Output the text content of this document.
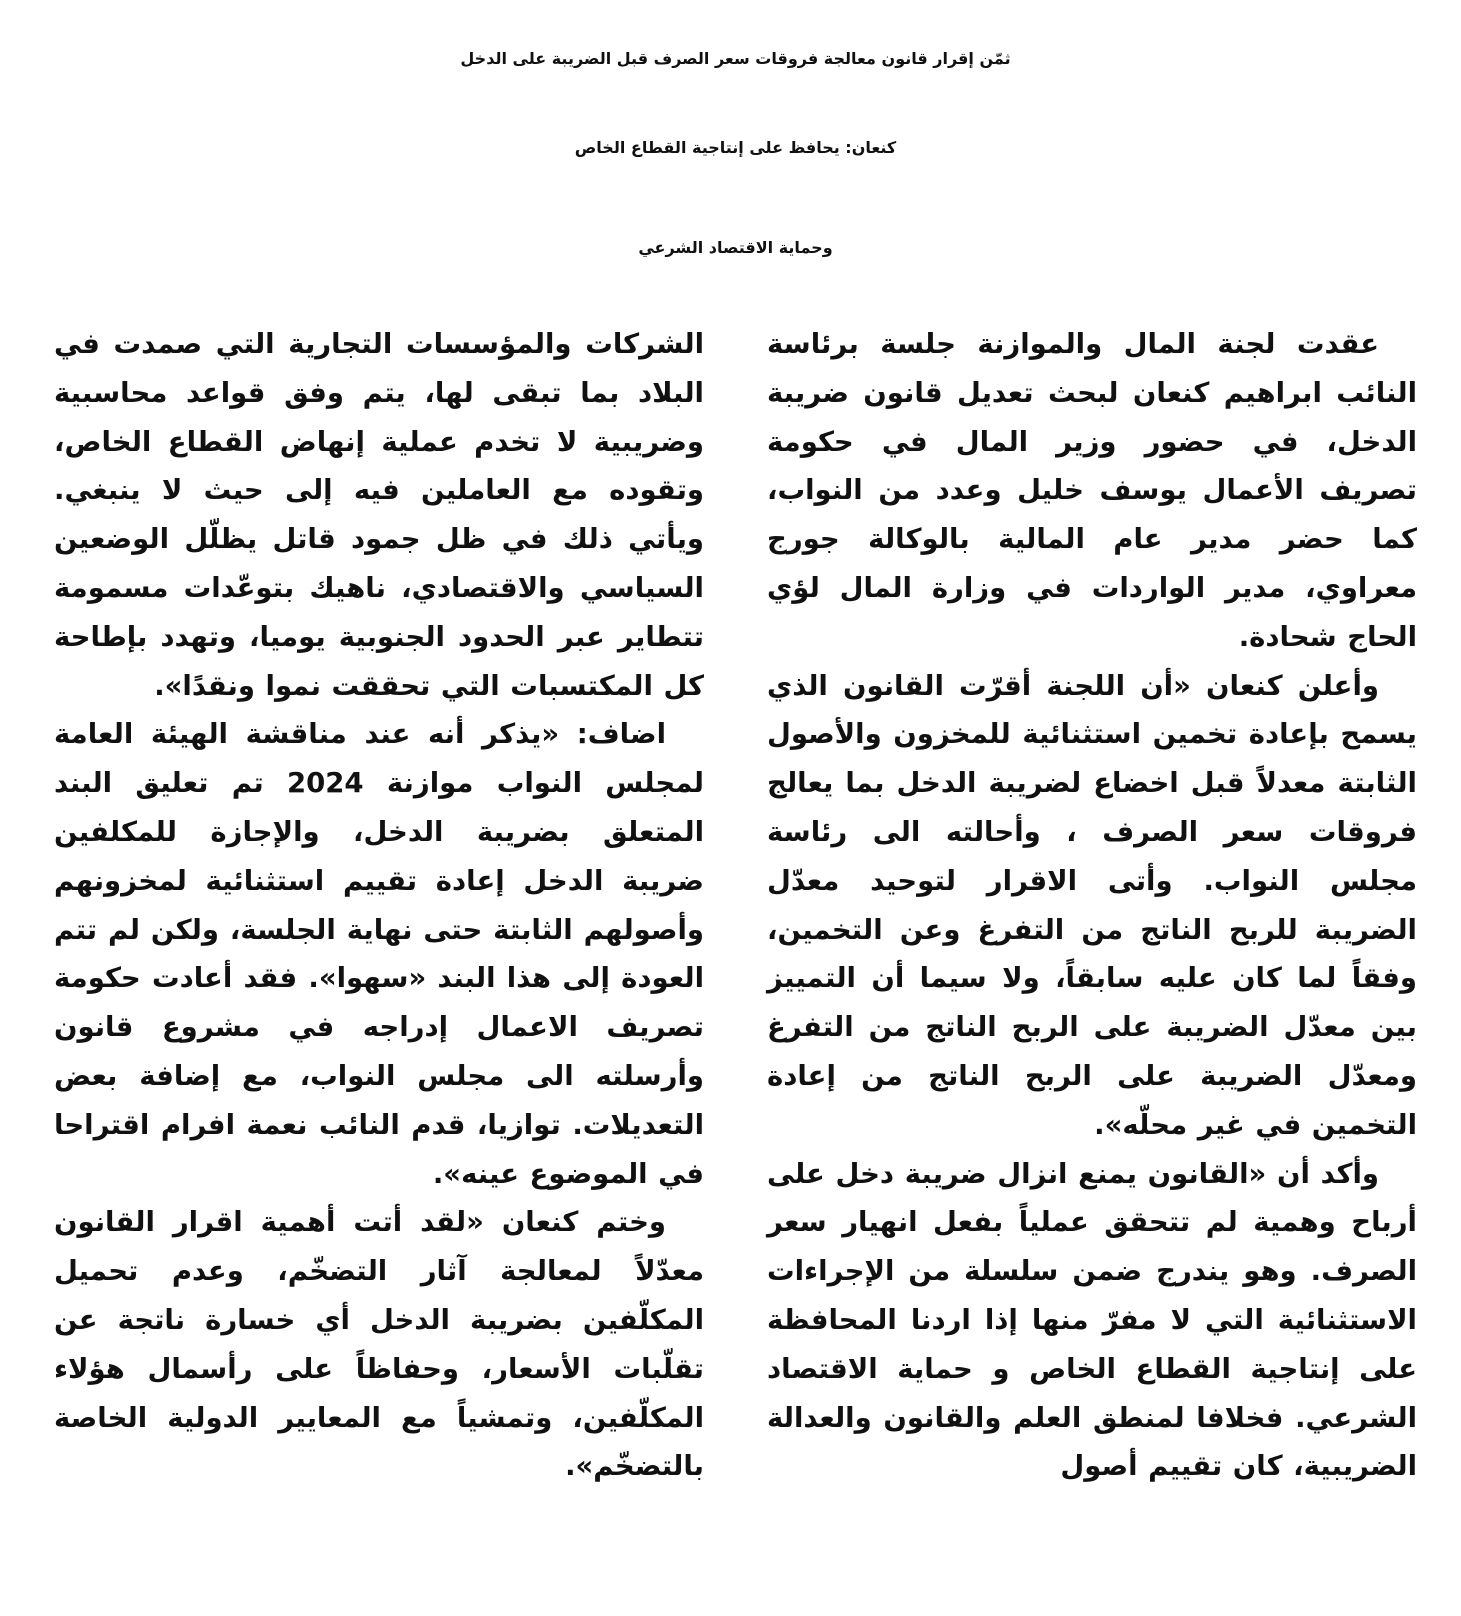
ثمّن إقرار قانون معالجة فروقات سعر الصرف قبل الضريبة على الدخل
كنعان: يحافظ على إنتاجية القطاع الخاص
وحماية الاقتصاد الشرعي

عقدت لجنة المال والموازنة جلسة برئاسة النائب ابراهيم كنعان لبحث تعديل قانون ضريبة الدخل، في حضور وزير المال في حكومة تصريف الأعمال يوسف خليل وعدد من النواب، كما حضر مدير عام المالية بالوكالة جورج معراوي، مدير الواردات في وزارة المال لؤي الحاج شحادة.

وأعلن كنعان «أن اللجنة أقرّت القانون الذي يسمح بإعادة تخمين استثنائية للمخزون والأصول الثابتة معدلاً قبل اخضاع لضريبة الدخل بما يعالج فروقات سعر الصرف ، وأحالته الى رئاسة مجلس النواب. وأتى الاقرار لتوحيد معدّل الضريبة للربح الناتج من التفرغ وعن التخمين، وفقاً لما كان عليه سابقاً، ولا سيما أن التمييز بين معدّل الضريبة على الربح الناتج من التفرغ ومعدّل الضريبة على الربح الناتج من إعادة التخمين في غير محلّه».

وأكد أن «القانون يمنع انزال ضريبة دخل على أرباح وهمية لم تتحقق عملياً بفعل انهيار سعر الصرف. وهو يندرج ضمن سلسلة من الإجراءات الاستثنائية التي لا مفرّ منها إذا اردنا المحافظة على إنتاجية القطاع الخاص و حماية الاقتصاد الشرعي. فخلافا لمنطق العلم والقانون والعدالة الضريبية، كان تقييم أصول

الشركات والمؤسسات التجارية التي صمدت في البلاد بما تبقى لها، يتم وفق قواعد محاسبية وضريبية لا تخدم عملية إنهاض القطاع الخاص، وتقوده مع العاملين فيه إلى حيث لا ينبغي. ويأتي ذلك في ظل جمود قاتل يظلّل الوضعين السياسي والاقتصادي، ناهيك بتوعّدات مسمومة تتطاير عبر الحدود الجنوبية يوميا، وتهدد بإطاحة كل المكتسبات التي تحققت نموا ونقدًا».

اضاف: «يذكر أنه عند مناقشة الهيئة العامة لمجلس النواب موازنة 2024 تم تعليق البند المتعلق بضريبة الدخل، والإجازة للمكلفين ضريبة الدخل إعادة تقييم استثنائية لمخزونهم وأصولهم الثابتة حتى نهاية الجلسة، ولكن لم تتم العودة إلى هذا البند «سهوا». فقد أعادت حكومة تصريف الاعمال إدراجه في مشروع قانون وأرسلته الى مجلس النواب، مع إضافة بعض التعديلات. توازيا، قدم النائب نعمة افرام اقتراحا في الموضوع عينه».

وختم كنعان «لقد أتت أهمية اقرار القانون معدّلاً لمعالجة آثار التضخّم، وعدم تحميل المكلّفين بضريبة الدخل أي خسارة ناتجة عن تقلّبات الأسعار، وحفاظاً على رأسمال هؤلاء المكلّفين، وتمشياً مع المعايير الدولية الخاصة بالتضخّم».
